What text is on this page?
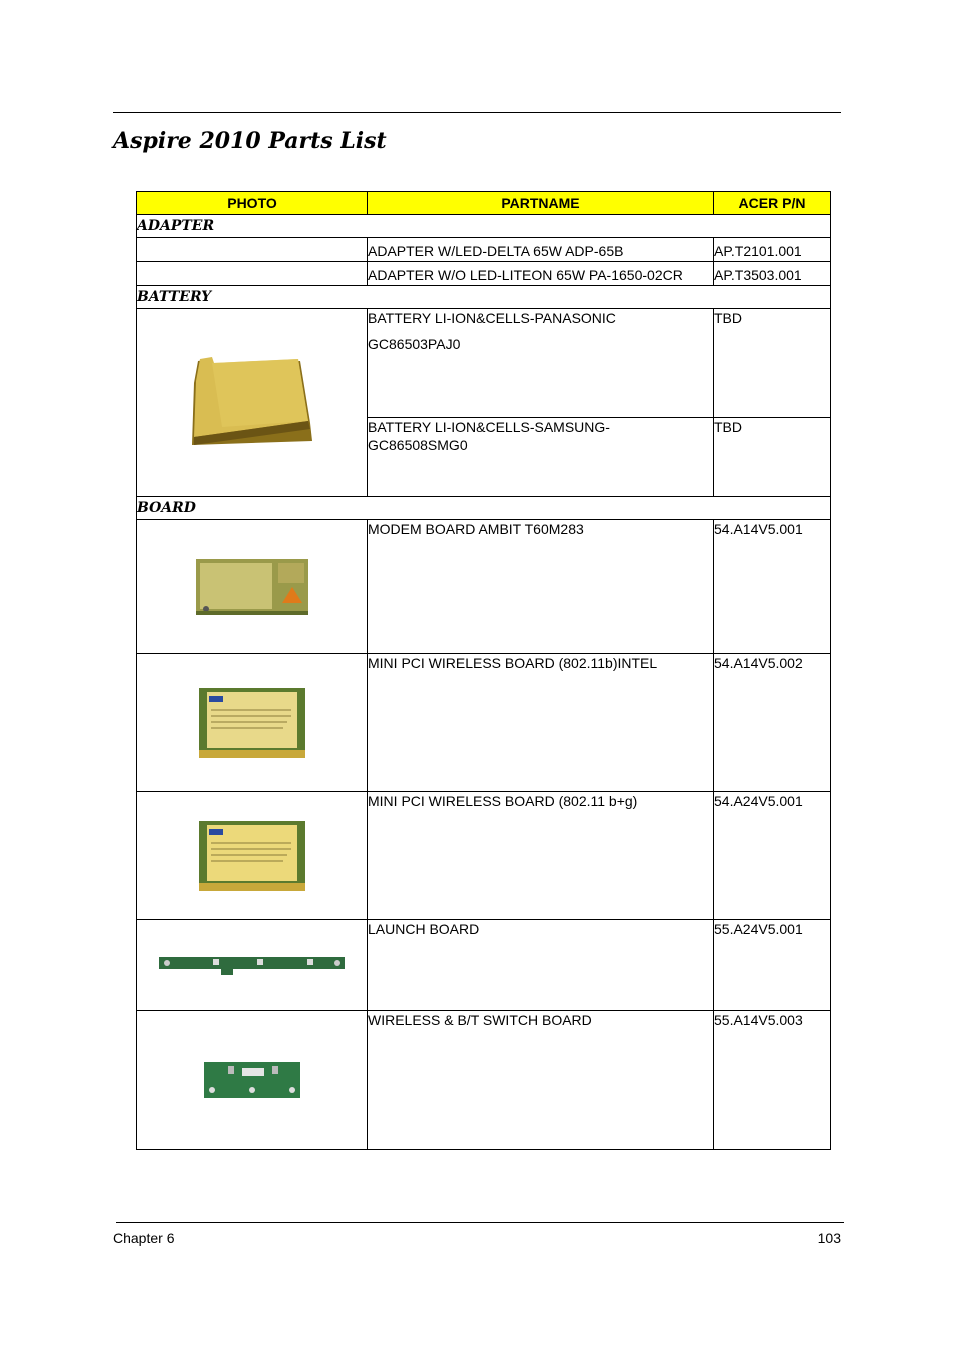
Aspire 2010 Parts List
PHOTO	PARTNAME	ACER P/N
ADAPTER		
	ADAPTER W/LED-DELTA 65W ADP-65B	AP.T2101.001
	ADAPTER W/O LED-LITEON 65W PA-1650-02CR	AP.T3503.001
BATTERY		

	BATTERY LI-ION&CELLS-PANASONIC
GC86503PAJ0	TBD
	BATTERY LI-ION&CELLS-SAMSUNG-
GC86508SMG0	TBD
BOARD		

	MODEM BOARD AMBIT T60M283	54.A14V5.001

	MINI PCI WIRELESS BOARD (802.11b)INTEL	54.A14V5.002

	MINI PCI WIRELESS BOARD (802.11 b+g)	54.A24V5.001

	LAUNCH BOARD	55.A24V5.001

	WIRELESS & B/T SWITCH BOARD	55.A14V5.003
Chapter 6	103
